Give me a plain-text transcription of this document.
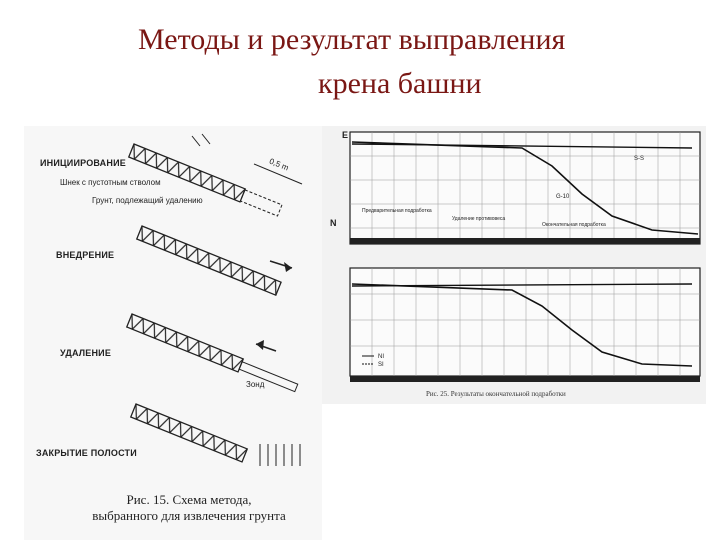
Методы и результат выправления
крена башни
ИНИЦИИРОВАНИЕ	0,5 m
Шнек с пустотным стволом
Грунт, подлежащий удалению
ВНЕДРЕНИЕ
УДАЛЕНИЕ
Зонд
ЗАКРЫТИЕ ПОЛОСТИ
Рис. 15. Схема метода,
выбранного для извлечения грунта
E
N
S-S
G-10
Предварительная подработка
Удаление противовеса
Окончательная подработка
NI
SI
Рис. 25. Результаты окончательной подработки
